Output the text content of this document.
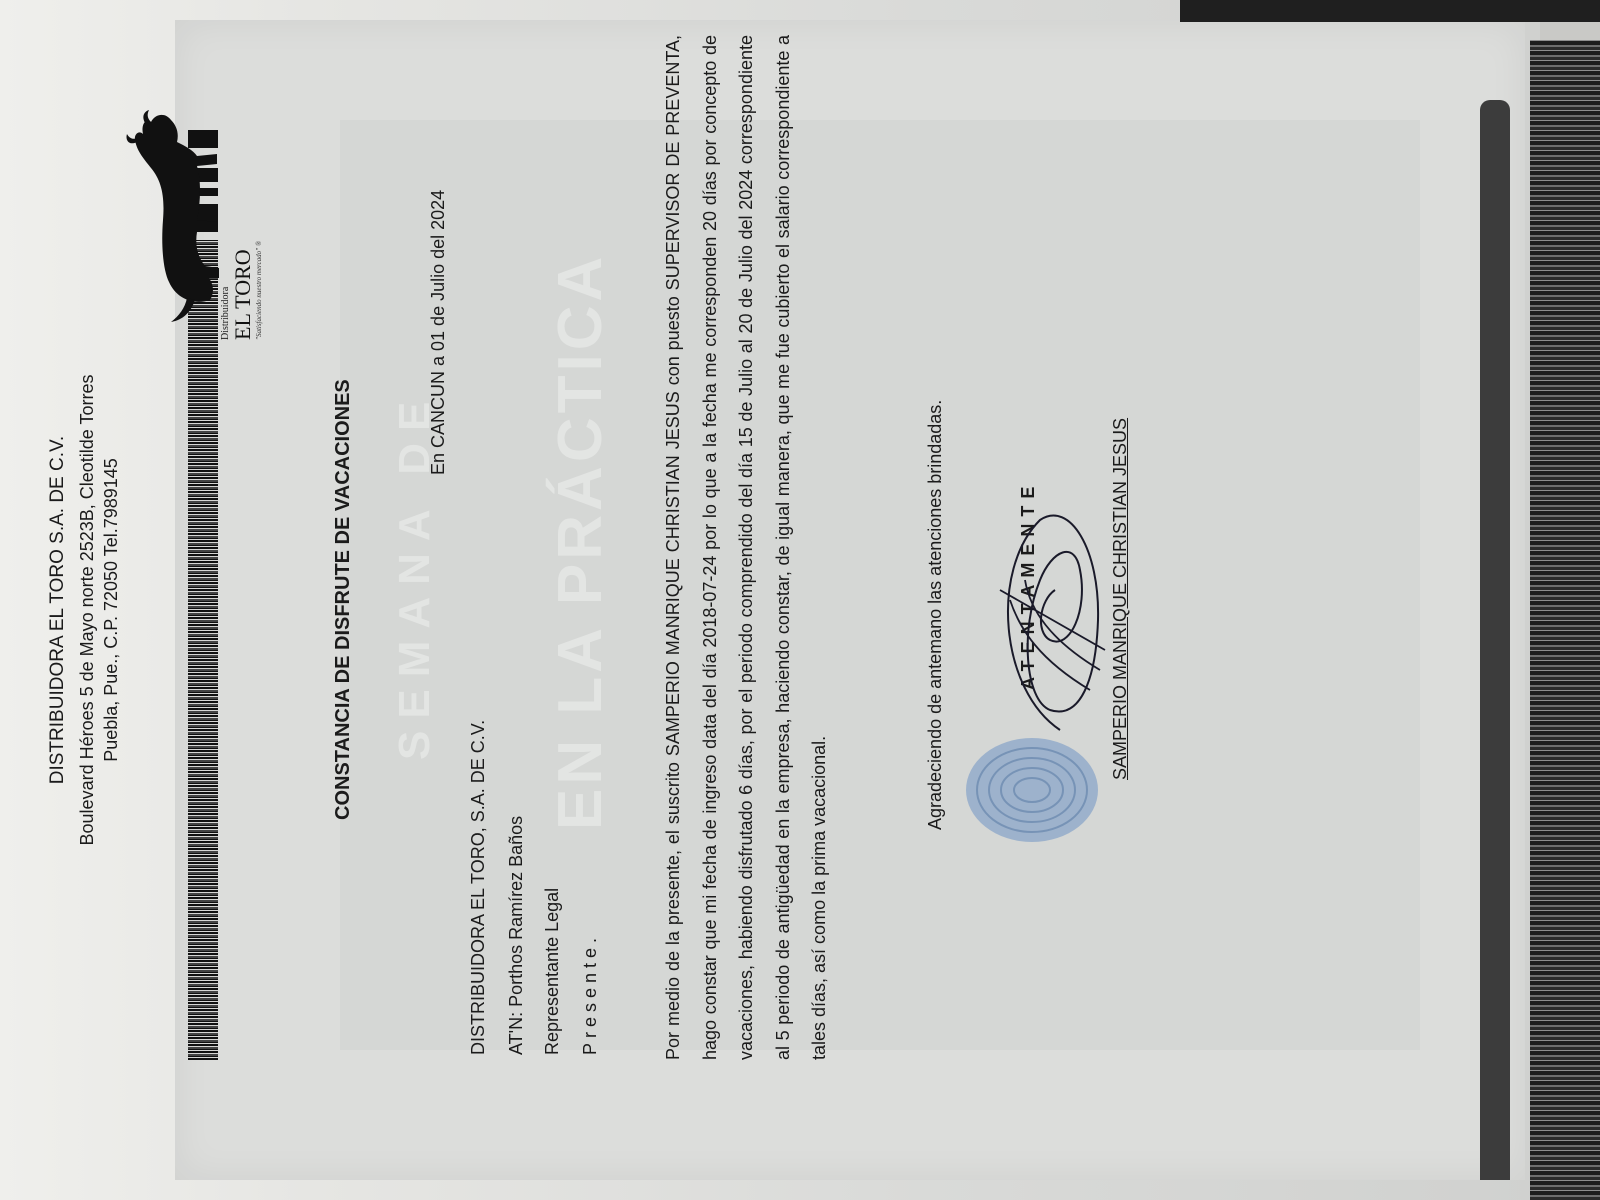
SEMANA DE EN LA PRÁCTICA
DISTRIBUIDORA EL TORO S.A. DE C.V. Boulevard Héroes 5 de Mayo norte 2523B, Cleotilde Torres Puebla, Pue., C.P. 72050 Tel.7989145
Distribuidora EL TORO "Satisfaciendo nuestro mercado" ®
CONSTANCIA DE DISFRUTE DE VACACIONES
En CANCUN a 01 de Julio del 2024
DISTRIBUIDORA EL TORO, S.A. DE C.V. AT'N: Porthos Ramírez Baños Representante Legal Presente.	Por medio de la presente, el suscrito SAMPERIO MANRIQUE CHRISTIAN JESUS con puesto SUPERVISOR DE PREVENTA, hago constar que mi fecha de ingreso data del día 2018-07-24 por lo que a la fecha me corresponden 20 días por concepto de vacaciones, habiendo disfrutado 6 días, por el periodo comprendido del día 15 de Julio al 20 de Julio del 2024 correspondiente al 5 periodo de antigüedad en la empresa, haciendo constar, de igual manera, que me fue cubierto el salario correspondiente a tales días, así como la prima vacacional.
Agradeciendo de antemano las atenciones brindadas.	ATENTAMENTE	SAMPERIO MANRIQUE CHRISTIAN JESUS
